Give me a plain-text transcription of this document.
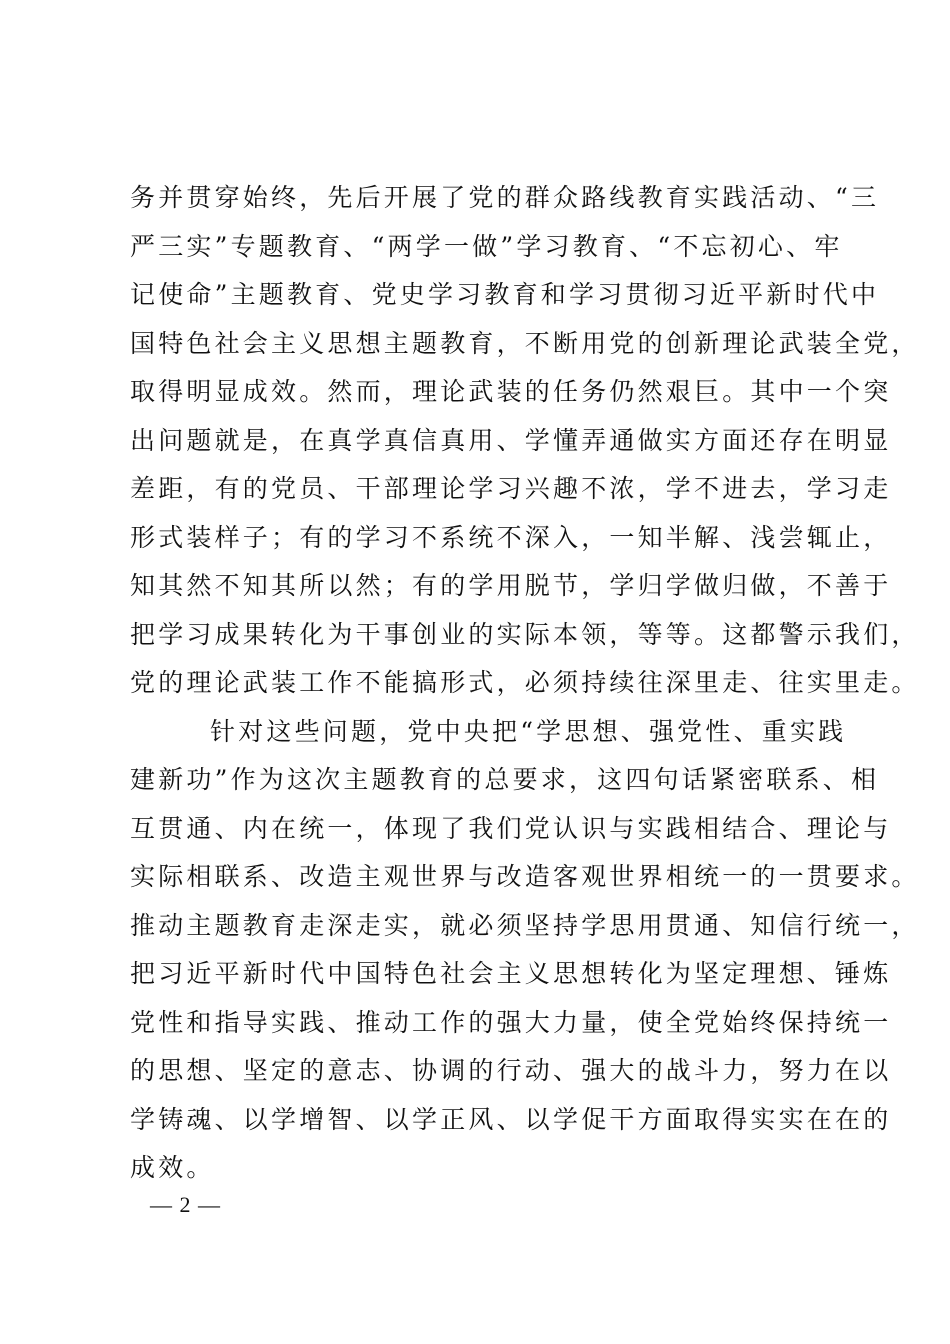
务并贯穿始终，先后开展了党的群众路线教育实践活动、“三
严三实”专题教育、“两学一做”学习教育、“不忘初心、牢
记使命”主题教育、党史学习教育和学习贯彻习近平新时代中
国特色社会主义思想主题教育，不断用党的创新理论武装全党，
取得明显成效。然而，理论武装的任务仍然艰巨。其中一个突
出问题就是，在真学真信真用、学懂弄通做实方面还存在明显
差距，有的党员、干部理论学习兴趣不浓，学不进去，学习走
形式装样子；有的学习不系统不深入，一知半解、浅尝辄止，
知其然不知其所以然；有的学用脱节，学归学做归做，不善于
把学习成果转化为干事创业的实际本领，等等。这都警示我们，
党的理论武装工作不能搞形式，必须持续往深里走、往实里走。
针对这些问题，党中央把“学思想、强党性、重实践
建新功”作为这次主题教育的总要求，这四句话紧密联系、相
互贯通、内在统一，体现了我们党认识与实践相结合、理论与
实际相联系、改造主观世界与改造客观世界相统一的一贯要求。
推动主题教育走深走实，就必须坚持学思用贯通、知信行统一，
把习近平新时代中国特色社会主义思想转化为坚定理想、锤炼
党性和指导实践、推动工作的强大力量，使全党始终保持统一
的思想、坚定的意志、协调的行动、强大的战斗力，努力在以
学铸魂、以学增智、以学正风、以学促干方面取得实实在在的
成效。
— 2 —
